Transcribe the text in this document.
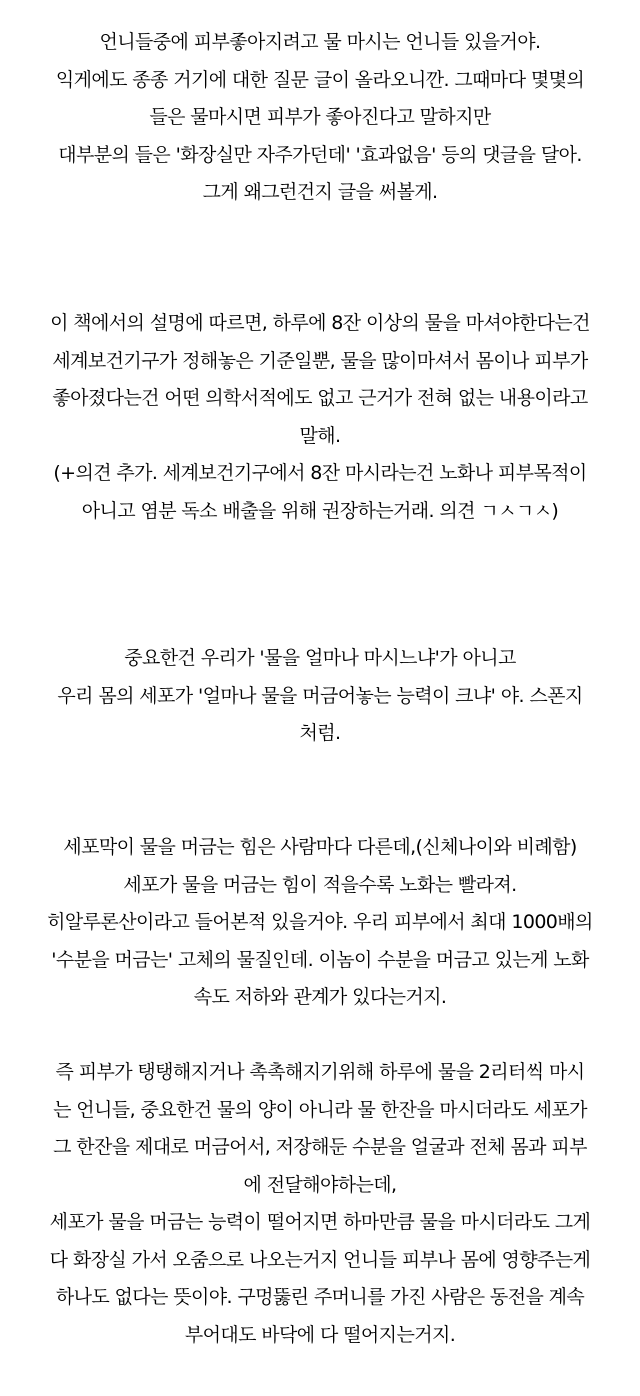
언니들중에 피부좋아지려고 물 마시는 언니들 있을거야.
익게에도 종종 거기에 대한 질문 글이 올라오니깐. 그때마다 몇몇의
들은 물마시면 피부가 좋아진다고 말하지만
대부분의 들은 '화장실만 자주가던데' '효과없음' 등의 댓글을 달아.
그게 왜그런건지 글을 써볼게.
이 책에서의 설명에 따르면, 하루에 8잔 이상의 물을 마셔야한다는건
세계보건기구가 정해놓은 기준일뿐, 물을 많이마셔서 몸이나 피부가
좋아졌다는건 어떤 의학서적에도 없고 근거가 전혀 없는 내용이라고
말해.
(+의견 추가. 세계보건기구에서 8잔 마시라는건 노화나 피부목적이
아니고 염분 독소 배출을 위해 권장하는거래. 의견 ㄱㅅㄱㅅ)
중요한건 우리가 '물을 얼마나 마시느냐'가 아니고
우리 몸의 세포가 '얼마나 물을 머금어놓는 능력이 크냐' 야. 스폰지
처럼.
세포막이 물을 머금는 힘은 사람마다 다른데,(신체나이와 비례함)
세포가 물을 머금는 힘이 적을수록 노화는 빨라져.
히알루론산이라고 들어본적 있을거야. 우리 피부에서 최대 1000배의
'수분을 머금는' 고체의 물질인데. 이놈이 수분을 머금고 있는게 노화
속도 저하와 관계가 있다는거지.
즉 피부가 탱탱해지거나 촉촉해지기위해 하루에 물을 2리터씩 마시
는 언니들, 중요한건 물의 양이 아니라 물 한잔을 마시더라도 세포가
그 한잔을 제대로 머금어서, 저장해둔 수분을 얼굴과 전체 몸과 피부
에 전달해야하는데,
세포가 물을 머금는 능력이 떨어지면 하마만큼 물을 마시더라도 그게
다 화장실 가서 오줌으로 나오는거지 언니들 피부나 몸에 영향주는게
하나도 없다는 뜻이야. 구멍뚫린 주머니를 가진 사람은 동전을 계속
부어대도 바닥에 다 떨어지는거지.
